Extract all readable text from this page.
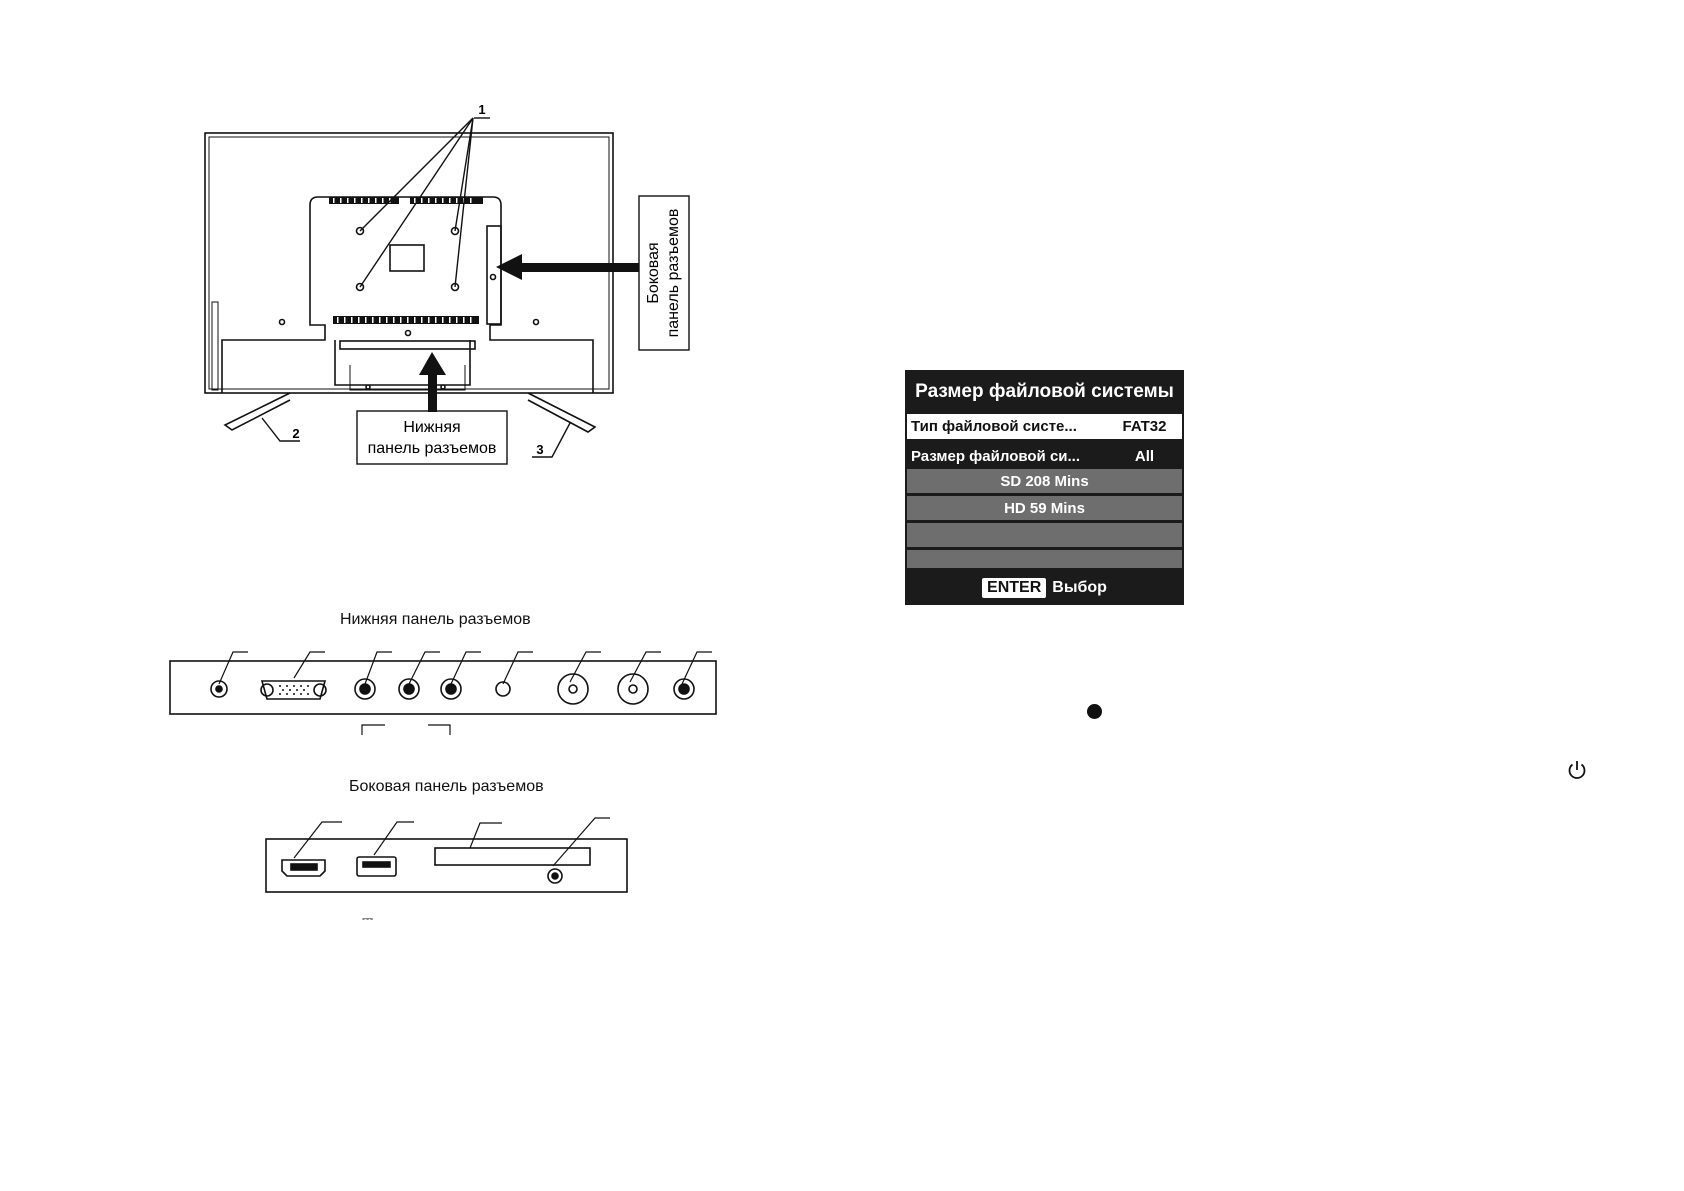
1
2
3
Боковая панель разъемов
Нижняя
панель разъемов
Нижняя панель разъемов
Боковая панель разъемов
⎓
Размер файловой системы
Тип файловой систе...	FAT32
Размер файловой си...	All
SD 208 Mins
HD 59 Mins
ENTER Выбор
